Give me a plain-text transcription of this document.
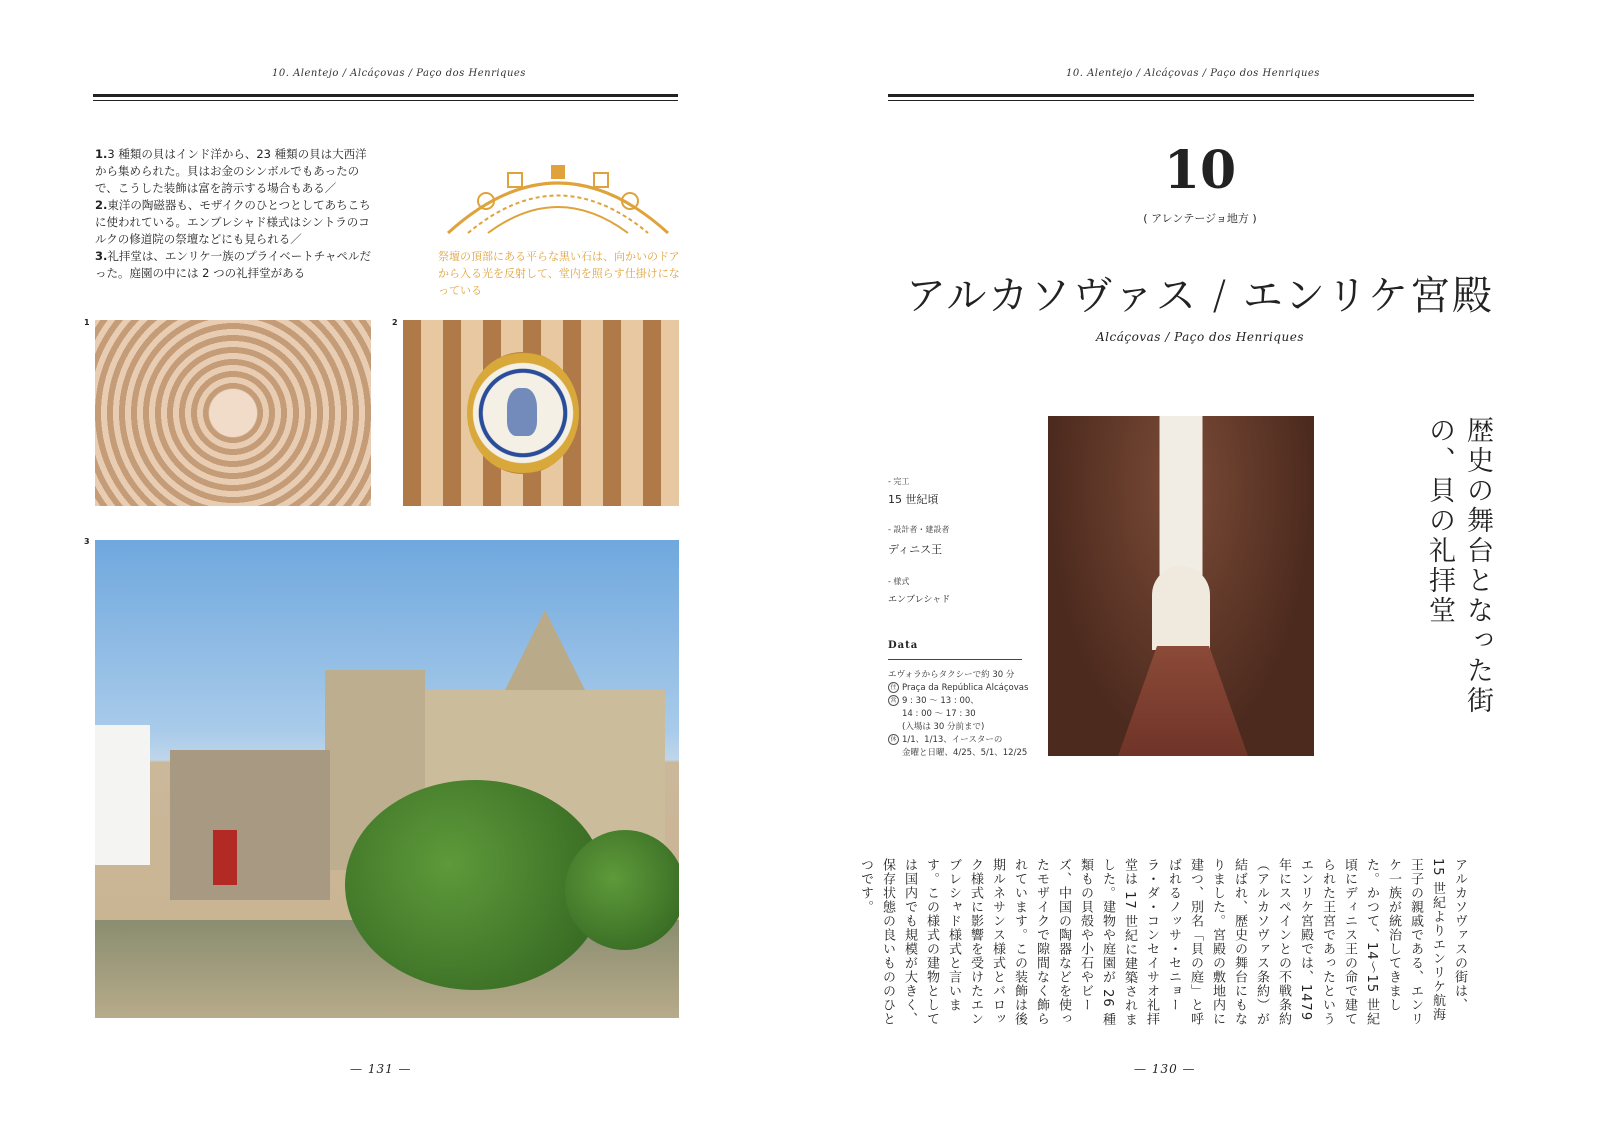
10. Alentejo / Alcáçovas / Paço dos Henriques
1.3 種類の貝はインド洋から、23 種類の貝は大西洋から集められた。貝はお金のシンボルでもあったので、こうした装飾は富を誇示する場合もある／
2.東洋の陶磁器も、モザイクのひとつとしてあちこちに使われている。エンブレシャド様式はシントラのコルクの修道院の祭壇などにも見られる／
3.礼拝堂は、エンリケ一族のプライベートチャペルだった。庭園の中には 2 つの礼拝堂がある
祭壇の頂部にある平らな黒い石は、向かいのドアから入る光を反射して、堂内を照らす仕掛けになっている
1	2
3
— 131 —
10. Alentejo / Alcáçovas / Paço dos Henriques
10
( アレンテージョ地方 )
アルカソヴァス / エンリケ宮殿
Alcáçovas / Paço dos Henriques
- 完工
15 世紀頃
- 設計者・建設者
ディニス王
- 様式
エンブレシャド
Data
エヴォラからタクシーで約 30 分
住 Praça da República Alcáçovas
営 9 : 30 ～ 13 : 00、
14 : 00 ～ 17 : 30
(入場は 30 分前まで)
休 1/1、1/13、イースターの
金曜と日曜、4/25、5/1、12/25
歴史の舞台となった街の、貝の礼拝堂
アルカソヴァスの街は、15 世紀よりエンリケ航海王子の親戚である、エンリケ一族が統治してきました。かつて、14～15 世紀頃にディニス王の命で建てられた王宮であったというエンリケ宮殿では、1479 年にスペインとの不戦条約（アルカソヴァス条約）が結ばれ、歴史の舞台にもなりました。宮殿の敷地内に建つ、別名「貝の庭」と呼ばれるノッサ・セニョーラ・ダ・コンセイサオ礼拝堂は 17 世紀に建築されました。建物や庭園が 26 種類もの貝殻や小石やビーズ、中国の陶器などを使ったモザイクで隙間なく飾られています。この装飾は後期ルネサンス様式とバロック様式に影響を受けたエンブレシャド様式と言います。この様式の建物としては国内でも規模が大きく、保存状態の良いもののひとつです。
— 130 —
